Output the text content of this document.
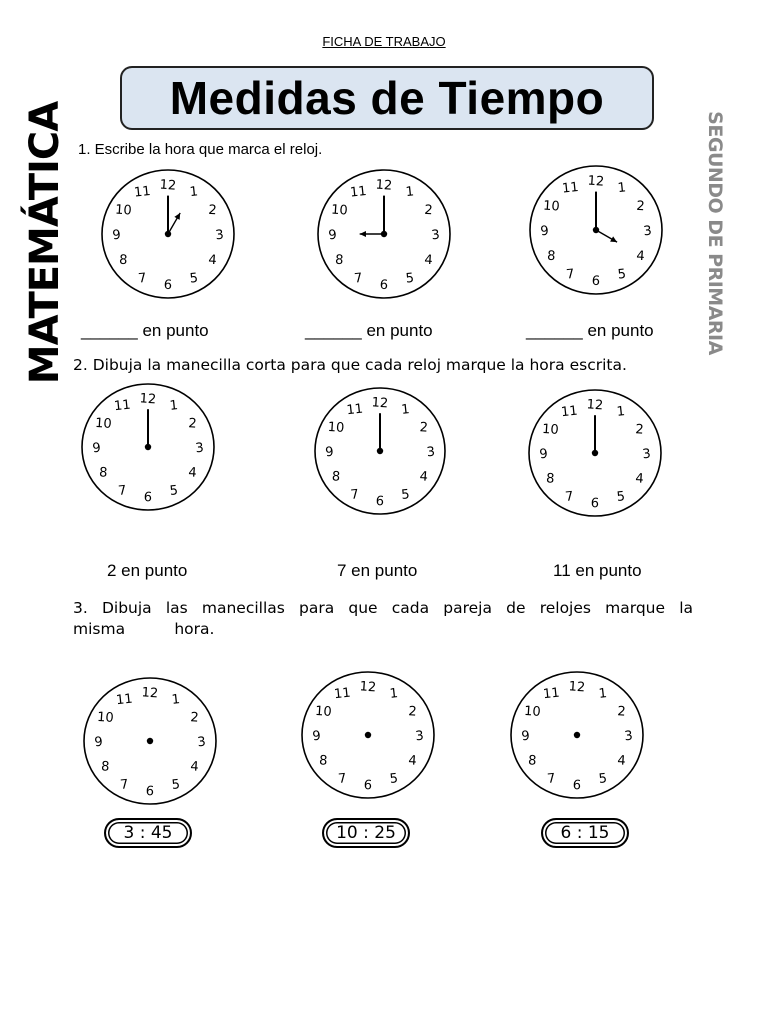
FICHA DE TRABAJO
Medidas de Tiempo
MATEMÁTICA	SEGUNDO DE PRIMARIA
1. Escribe la hora que marca el reloj.
12 1
2
3
4
5
6
7
8
9
10
11	12 1
2
3
4
5
6
7
8
9
10
11
12 1
2
3
4
5
6
7
8
9
10
11
______ en punto	______ en punto	______ en punto
2. Dibuja la manecilla corta para que cada reloj marque la hora escrita.
12 1
2
3
4
5
6
7
8
9
10
11	12 1
2
3
4
5
6
7
8
9
10
11	12 1
2
3
4
5
6
7
8
9
10
11
2 en punto	7 en punto	11 en punto
3. Dibuja las manecillas para que cada pareja de relojes marque la
misma          hora.
12 1
2
3
4
5
6
7
8
9
10
11
12 1
2
3
4
5
6
7
8
9
10
11	12 1
2
3
4
5
6
7
8
9
10
11
3 : 45	10 : 25	6 : 15
